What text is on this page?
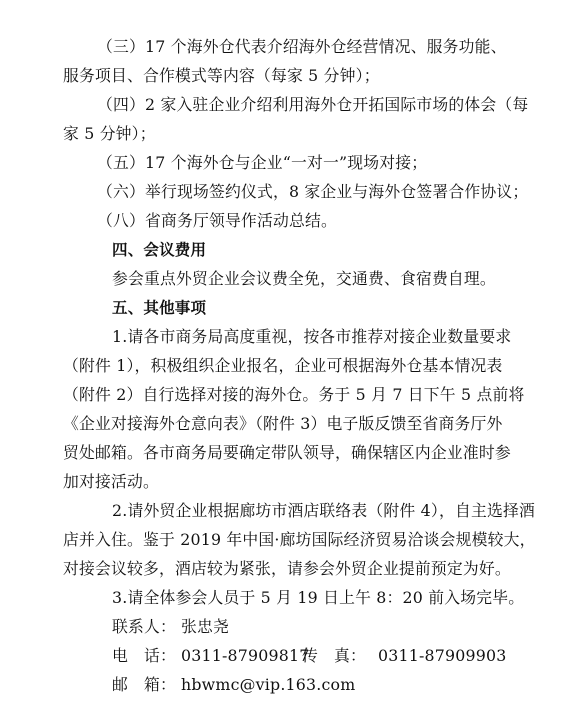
（三）17 个海外仓代表介绍海外仓经营情况、服务功能、
服务项目、合作模式等内容（每家 5 分钟）；
（四）2 家入驻企业介绍利用海外仓开拓国际市场的体会（每
家 5 分钟）；
（五）17 个海外仓与企业“一对一”现场对接；
（六）举行现场签约仪式，8 家企业与海外仓签署合作协议；
（八）省商务厅领导作活动总结。
四、会议费用
参会重点外贸企业会议费全免，交通费、食宿费自理。
五、其他事项
1.请各市商务局高度重视，按各市推荐对接企业数量要求
（附件 1），积极组织企业报名，企业可根据海外仓基本情况表
（附件 2）自行选择对接的海外仓。务于 5 月 7 日下午 5 点前将
《企业对接海外仓意向表》（附件 3）电子版反馈至省商务厅外
贸处邮箱。各市商务局要确定带队领导，确保辖区内企业准时参
加对接活动。
2.请外贸企业根据廊坊市酒店联络表（附件 4），自主选择酒
店并入住。鉴于 2019 年中国·廊坊国际经济贸易洽谈会规模较大，
对接会议较多，酒店较为紧张，请参会外贸企业提前预定为好。
3.请全体参会人员于 5 月 19 日上午 8：20 前入场完毕。
联系人： 张忠尧
电　话： 0311-87909817
传　真： 0311-87909903
邮　箱： hbwmc@vip.163.com
